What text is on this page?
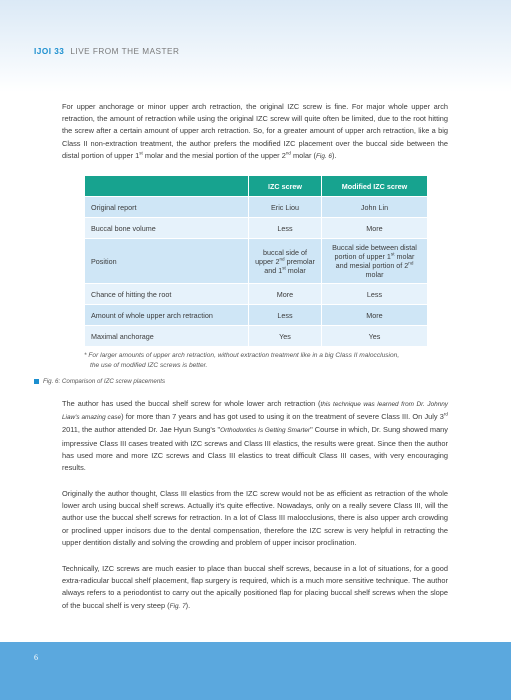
IJOI 33 LIVE FROM THE MASTER

For upper anchorage or minor upper arch retraction, the original IZC screw is fine. For major whole upper arch retraction, the amount of retraction while using the original IZC screw will quite often be limited, due to the root hitting the screw after a certain amount of upper arch retraction. So, for a greater amount of upper arch retraction, like a big Class II non-extraction treatment, the author prefers the modified IZC placement over the buccal side between the distal portion of upper 1st molar and the mesial portion of the upper 2nd molar (Fig. 6).

	IZC screw	Modified IZC screw
Original report	Eric Liou	John Lin
Buccal bone volume	Less	More
Position	buccal side of upper 2nd premolar and 1st molar	Buccal side between distal portion of upper 1st molar and mesial portion of 2nd molar
Chance of hitting the root	More	Less
Amount of whole upper arch retraction	Less	More
Maximal anchorage	Yes	Yes

* For larger amounts of upper arch retraction, without extraction treatment like in a big Class II malocclusion, the use of modified IZC screws is better.

Fig. 6: Comparison of IZC screw placements

The author has used the buccal shelf screw for whole lower arch retraction (this technique was learned from Dr. Johnny Liaw's amazing case) for more than 7 years and has got used to using it on the treatment of severe Class III. On July 3rd 2011, the author attended Dr. Jae Hyun Sung's "Orthodontics Is Getting Smarter" Course in which, Dr. Sung showed many impressive Class III cases treated with IZC screws and Class III elastics, the results were great. Since then the author has used more and more IZC screws and Class III elastics to treat difficult Class III cases, with very encouraging results.

Originally the author thought, Class III elastics from the IZC screw would not be as efficient as retraction of the whole lower arch using buccal shelf screws. Actually it's quite effective. Nowadays, only on a really severe Class III, will the author use the buccal shelf screws for retraction. In a lot of Class III malocclusions, there is also upper arch crowding or proclined upper incisors due to the dental compensation, therefore the IZC screw is very helpful in retracting the upper dentition distally and solving the crowding and problem of upper incisor proclination.

Technically, IZC screws are much easier to place than buccal shelf screws, because in a lot of situations, for a good extra-radicular buccal shelf placement, flap surgery is required, which is a much more sensitive technique. The author always refers to a periodontist to carry out the apically positioned flap for placing buccal shelf screws when the slope of the buccal shelf is very steep (Fig. 7).

6
